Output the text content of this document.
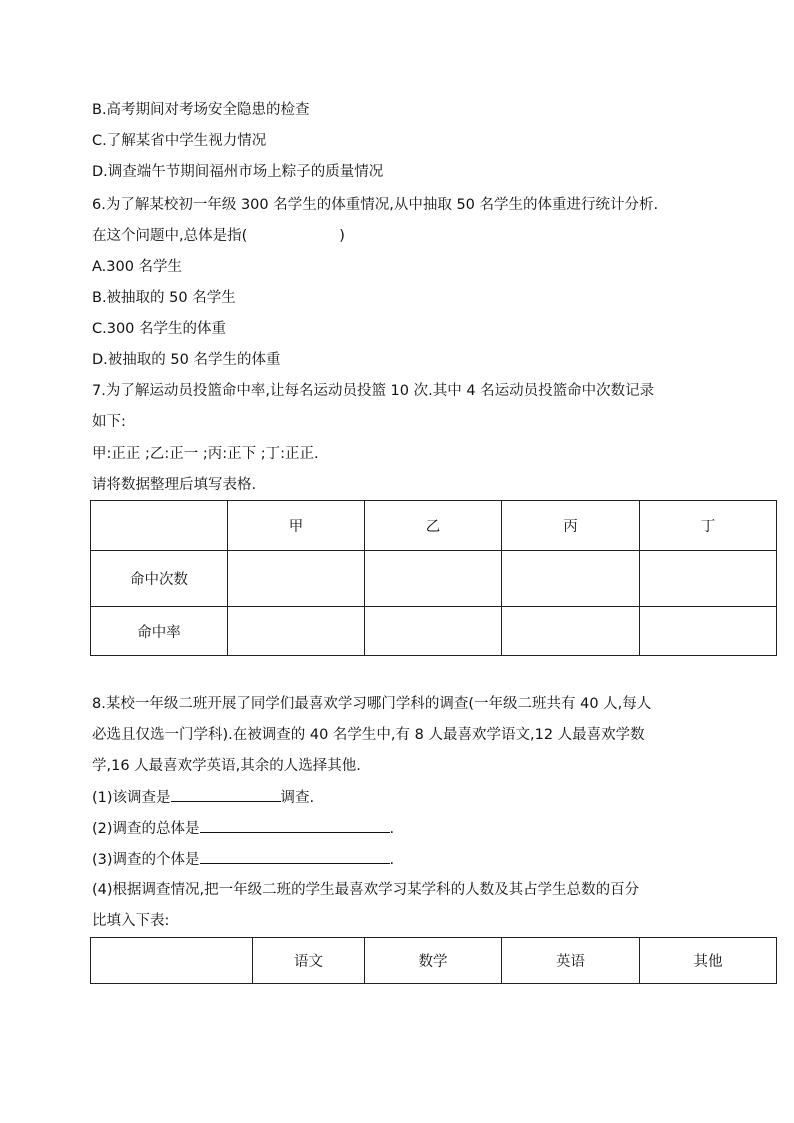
B.高考期间对考场安全隐患的检查
C.了解某省中学生视力情况
D.调查端午节期间福州市场上粽子的质量情况
6.为了解某校初一年级 300 名学生的体重情况,从中抽取 50 名学生的体重进行统计分析.
在这个问题中,总体是指(	)
A.300 名学生
B.被抽取的 50 名学生
C.300 名学生的体重
D.被抽取的 50 名学生的体重
7.为了解运动员投篮命中率,让每名运动员投篮 10 次.其中 4 名运动员投篮命中次数记录
如下:
甲:正正 ;乙:正一 ;丙:正下 ;丁:正正.
请将数据整理后填写表格.
	甲	乙	丙	丁
命中次数				
命中率				
8.某校一年级二班开展了同学们最喜欢学习哪门学科的调查(一年级二班共有 40 人,每人
必选且仅选一门学科).在被调查的 40 名学生中,有 8 人最喜欢学语文,12 人最喜欢学数
学,16 人最喜欢学英语,其余的人选择其他.
(1)该调查是	调查.
(2)调查的总体是	.
(3)调查的个体是	.
(4)根据调查情况,把一年级二班的学生最喜欢学习某学科的人数及其占学生总数的百分
比填入下表:
	语文	数学	英语	其他
